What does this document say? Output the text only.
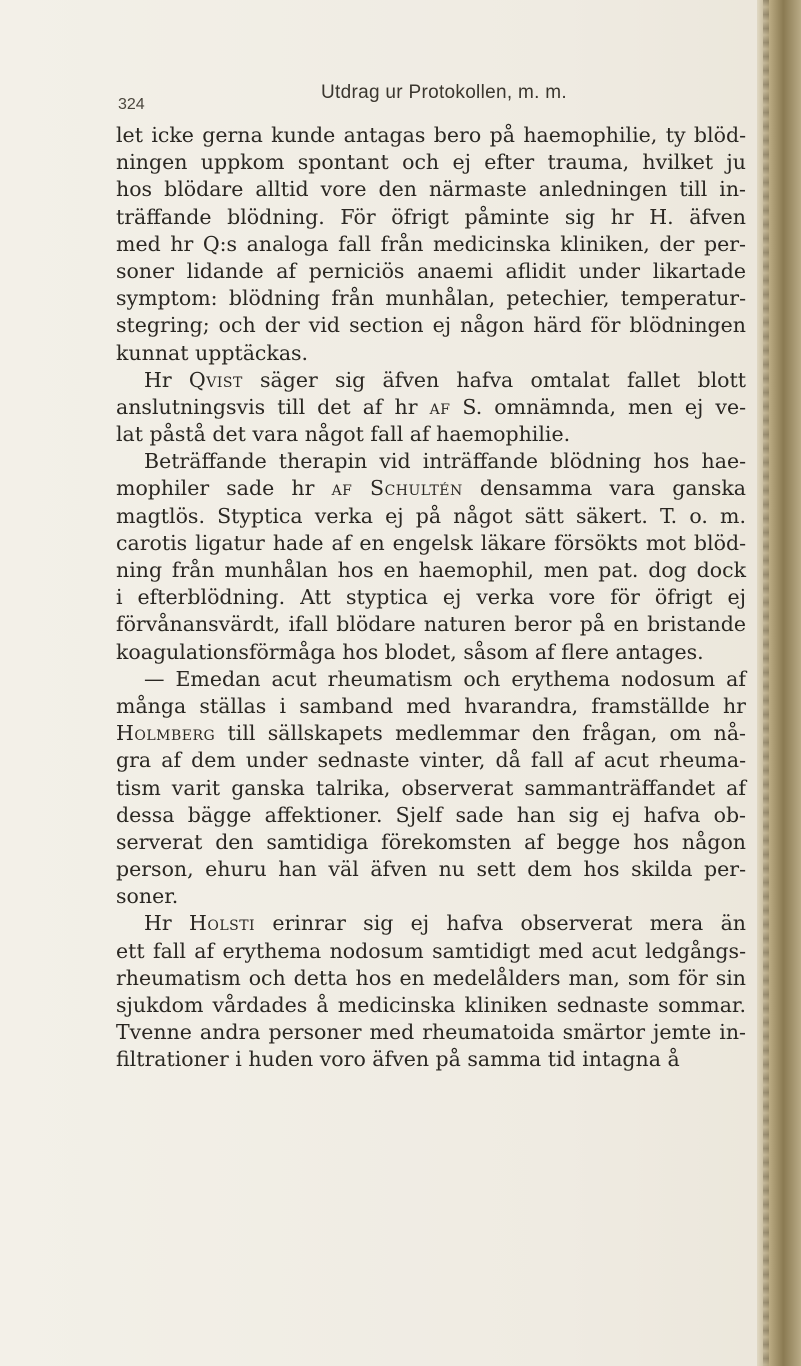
324
Utdrag ur Protokollen, m. m.
let icke gerna kunde antagas bero på haemophilie, ty blöd-
ningen uppkom spontant och ej efter trauma, hvilket ju
hos blödare alltid vore den närmaste anledningen till in-
träffande blödning. För öfrigt påminte sig hr H. äfven
med hr Q:s analoga fall från medicinska kliniken, der per-
soner lidande af perniciös anaemi aflidit under likartade
symptom: blödning från munhålan, petechier, temperatur-
stegring; och der vid section ej någon härd för blödningen
kunnat upptäckas.
Hr Qvist säger sig äfven hafva omtalat fallet blott
anslutningsvis till det af hr af S. omnämnda, men ej ve-
lat påstå det vara något fall af haemophilie.
Beträffande therapin vid inträffande blödning hos hae-
mophiler sade hr af Schultén densamma vara ganska
magtlös. Styptica verka ej på något sätt säkert. T. o. m.
carotis ligatur hade af en engelsk läkare försökts mot blöd-
ning från munhålan hos en haemophil, men pat. dog dock
i efterblödning. Att styptica ej verka vore för öfrigt ej
förvånansvärdt, ifall blödare naturen beror på en bristande
koagulationsförmåga hos blodet, såsom af flere antages.
— Emedan acut rheumatism och erythema nodosum af
många ställas i samband med hvarandra, framställde hr
Holmberg till sällskapets medlemmar den frågan, om nå-
gra af dem under sednaste vinter, då fall af acut rheuma-
tism varit ganska talrika, observerat sammanträffandet af
dessa bägge affektioner. Sjelf sade han sig ej hafva ob-
serverat den samtidiga förekomsten af begge hos någon
person, ehuru han väl äfven nu sett dem hos skilda per-
soner.
Hr Holsti erinrar sig ej hafva observerat mera än
ett fall af erythema nodosum samtidigt med acut ledgångs-
rheumatism och detta hos en medelålders man, som för sin
sjukdom vårdades å medicinska kliniken sednaste sommar.
Tvenne andra personer med rheumatoida smärtor jemte in-
filtrationer i huden voro äfven på samma tid intagna å
